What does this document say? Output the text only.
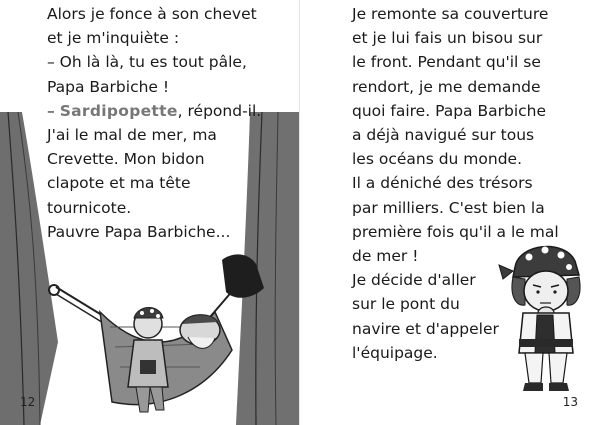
Alors je fonce à son chevet
et je m'inquiète :
– Oh là là, tu es tout pâle,
Papa Barbiche !
– Sardipopette, répond-il.
J'ai le mal de mer, ma
Crevette. Mon bidon
clapote et ma tête
tournicote.
Pauvre Papa Barbiche...
12
Je remonte sa couverture
et je lui fais un bisou sur
le front. Pendant qu'il se
rendort, je me demande
quoi faire. Papa Barbiche
a déjà navigué sur tous
les océans du monde.
Il a déniché des trésors
par milliers. C'est bien la
première fois qu'il a le mal
de mer !
Je décide d'aller
sur le pont du
navire et d'appeler
l'équipage.
13
